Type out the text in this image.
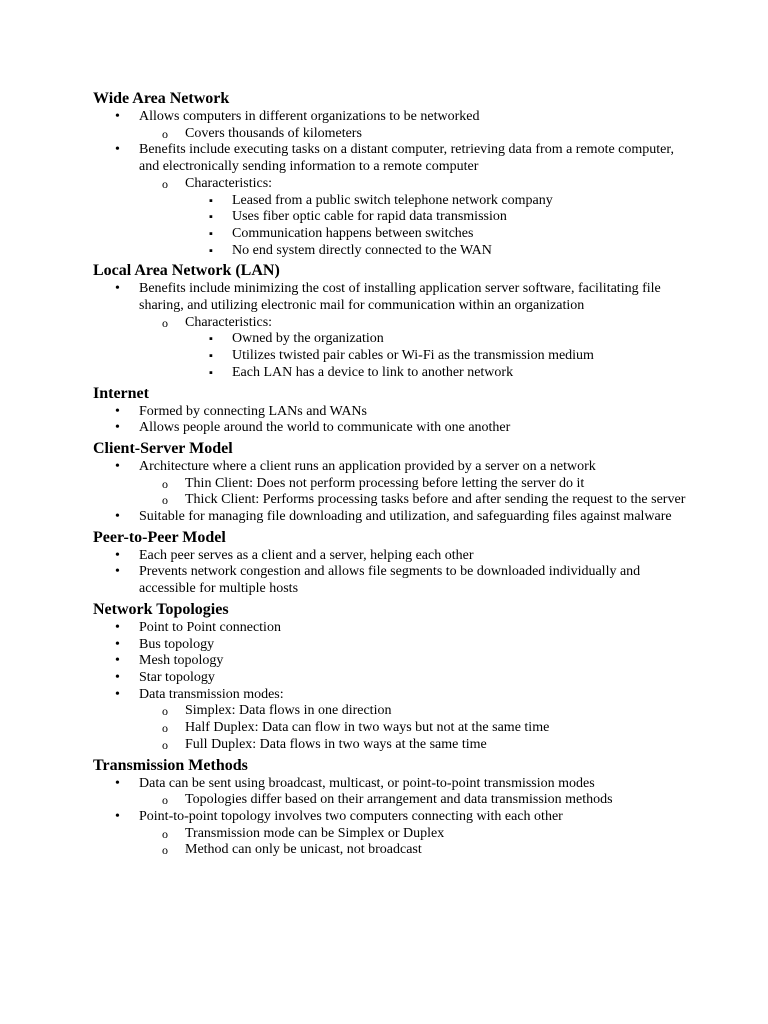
Wide Area Network
• Allows computers in different organizations to be networked
o Covers thousands of kilometers
• Benefits include executing tasks on a distant computer, retrieving data from a remote computer, and electronically sending information to a remote computer
o Characteristics:
▪ Leased from a public switch telephone network company
▪ Uses fiber optic cable for rapid data transmission
▪ Communication happens between switches
▪ No end system directly connected to the WAN
Local Area Network (LAN)
• Benefits include minimizing the cost of installing application server software, facilitating file sharing, and utilizing electronic mail for communication within an organization
o Characteristics:
▪ Owned by the organization
▪ Utilizes twisted pair cables or Wi-Fi as the transmission medium
▪ Each LAN has a device to link to another network
Internet
• Formed by connecting LANs and WANs
• Allows people around the world to communicate with one another
Client-Server Model
• Architecture where a client runs an application provided by a server on a network
o Thin Client: Does not perform processing before letting the server do it
o Thick Client: Performs processing tasks before and after sending the request to the server
• Suitable for managing file downloading and utilization, and safeguarding files against malware
Peer-to-Peer Model
• Each peer serves as a client and a server, helping each other
• Prevents network congestion and allows file segments to be downloaded individually and accessible for multiple hosts
Network Topologies
• Point to Point connection
• Bus topology
• Mesh topology
• Star topology
• Data transmission modes:
o Simplex: Data flows in one direction
o Half Duplex: Data can flow in two ways but not at the same time
o Full Duplex: Data flows in two ways at the same time
Transmission Methods
• Data can be sent using broadcast, multicast, or point-to-point transmission modes
o Topologies differ based on their arrangement and data transmission methods
• Point-to-point topology involves two computers connecting with each other
o Transmission mode can be Simplex or Duplex
o Method can only be unicast, not broadcast
